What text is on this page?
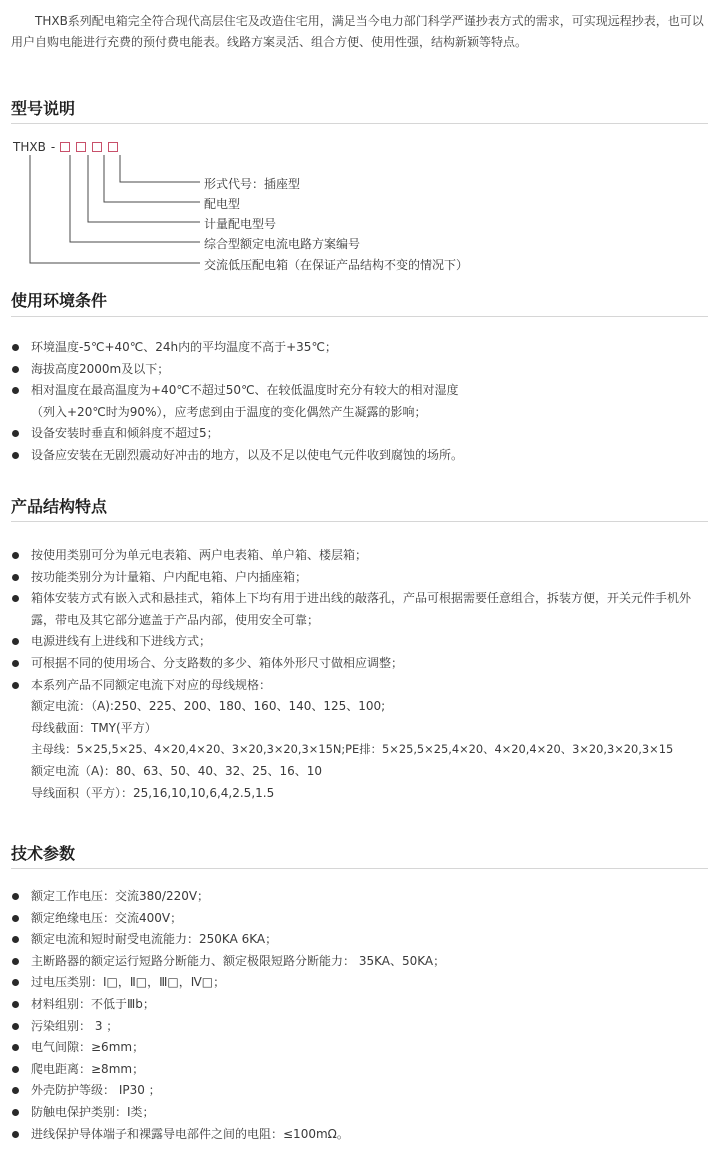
THXB系列配电箱完全符合现代高层住宅及改造住宅用，满足当今电力部门科学严谨抄表方式的需求，可实现远程抄表，也可以用户自购电能进行充费的预付费电能表。线路方案灵活、组合方便、使用性强，结构新颖等特点。
型号说明
THXB -
形式代号：插座型
配电型
计量配电型号
综合型额定电流电路方案编号
交流低压配电箱（在保证产品结构不变的情况下）
使用环境条件
环境温度-5℃+40℃、24h内的平均温度不高于+35℃；
海拔高度2000m及以下；
相对温度在最高温度为+40℃不超过50℃、在较低温度时充分有较大的相对湿度
（列入+20℃时为90%），应考虑到由于温度的变化偶然产生凝露的影响；
设备安装时垂直和倾斜度不超过5；
设备应安装在无剧烈震动好冲击的地方，以及不足以使电气元件收到腐蚀的场所。
产品结构特点
按使用类别可分为单元电表箱、两户电表箱、单户箱、楼层箱；
按功能类别分为计量箱、户内配电箱、户内插座箱；
箱体安装方式有嵌入式和悬挂式，箱体上下均有用于进出线的敲落孔，产品可根据需要任意组合，拆装方便，开关元件手机外
露，带电及其它部分遮盖于产品内部，使用安全可靠；
电源进线有上进线和下进线方式；
可根据不同的使用场合、分支路数的多少、箱体外形尺寸做相应调整；
本系列产品不同额定电流下对应的母线规格：
额定电流：（A):250、225、200、180、160、140、125、100;
母线截面：TMY(平方）
主母线：5×25,5×25、4×20,4×20、3×20,3×20,3×15N;PE排：5×25,5×25,4×20、4×20,4×20、3×20,3×20,3×15
额定电流（A)：80、63、50、40、32、25、16、10
导线面积（平方）：25,16,10,10,6,4,2.5,1.5
技术参数
额定工作电压：交流380/220V；
额定绝缘电压：交流400V；
额定电流和短时耐受电流能力：250KA 6KA；
主断路器的额定运行短路分断能力、额定极限短路分断能力： 35KA、50KA；
过电压类别：Ⅰ□，Ⅱ□，Ⅲ□，Ⅳ□；
材料组别：不低于Ⅲb；
污染组别： 3 ；
电气间隙：≥6mm；
爬电距离：≥8mm；
外壳防护等级： IP30 ；
防触电保护类别：Ⅰ类；
进线保护导体端子和裸露导电部件之间的电阻：≤100mΩ。
